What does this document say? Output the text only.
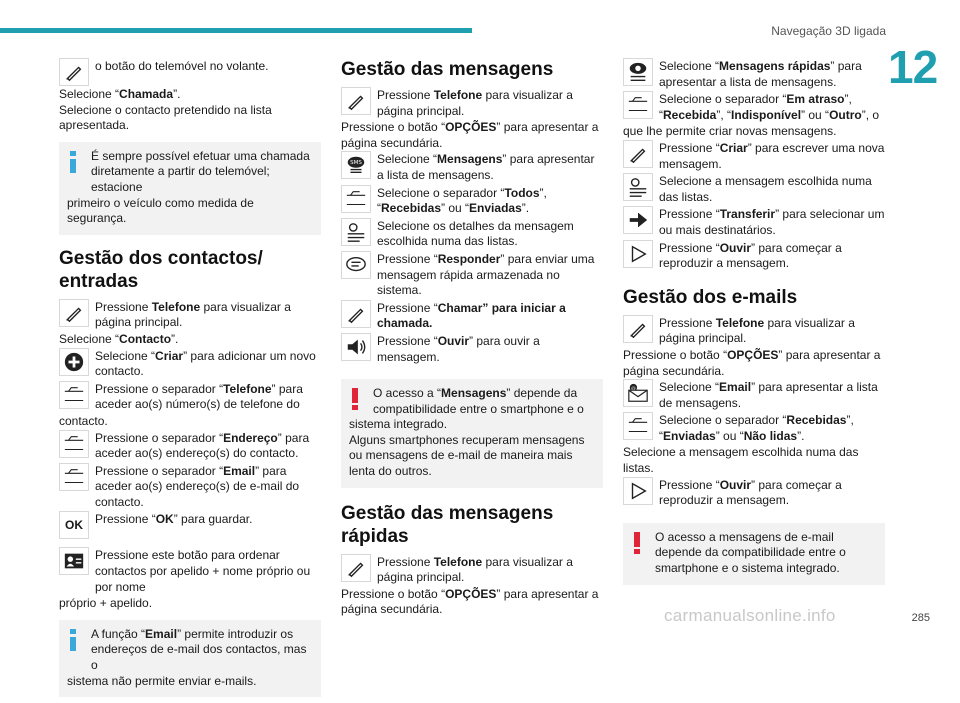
Navegação 3D ligada
12
o botão do telemóvel no volante.

Selecione “Chamada”.

Selecione o contacto pretendido na lista apresentada.

É sempre possível efetuar uma chamada diretamente a partir do telemóvel; estacione
primeiro o veículo como medida de segurança.
Gestão dos contactos/
entradas
Pressione Telefone para visualizar a página principal.

Selecione “Contacto”.

Selecione “Criar” para adicionar um novo contacto.
Pressione o separador “Telefone” para aceder ao(s) número(s) de telefone do

contacto.

Pressione o separador “Endereço” para aceder ao(s) endereço(s) do contacto.
Pressione o separador “Email” para aceder ao(s) endereço(s) de e-mail do contacto.
OK Pressione “OK” para guardar.
Pressione este botão para ordenar contactos por apelido + nome próprio ou por nome

próprio + apelido.

A função “Email” permite introduzir os endereços de e-mail dos contactos, mas o
sistema não permite enviar e-mails.
Gestão das mensagens
Pressione Telefone para visualizar a página principal.

Pressione o botão “OPÇÕES” para apresentar a página secundária.

Selecione “Mensagens” para apresentar a lista de mensagens.
Selecione o separador “Todos”, “Recebidas” ou “Enviadas”.
Selecione os detalhes da mensagem escolhida numa das listas.
Pressione “Responder” para enviar uma mensagem rápida armazenada no sistema.
Pressione “Chamar” para iniciar a chamada.
Pressione “Ouvir” para ouvir a mensagem.
O acesso a “Mensagens” depende da compatibilidade entre o smartphone e o
sistema integrado.
Alguns smartphones recuperam mensagens ou mensagens de e-mail de maneira mais lenta do outros.
Gestão das mensagens
rápidas
Pressione Telefone para visualizar a página principal.

Pressione o botão “OPÇÕES” para apresentar a página secundária.

Selecione “Mensagens rápidas” para apresentar a lista de mensagens.
Selecione o separador “Em atraso”, “Recebida”, “Indisponível” ou “Outro”, o

que lhe permite criar novas mensagens.

Pressione “Criar” para escrever uma nova mensagem.
Selecione a mensagem escolhida numa das listas.
Pressione “Transferir” para selecionar um ou mais destinatários.
Pressione “Ouvir” para começar a reproduzir a mensagem.
Gestão dos e-mails
Pressione Telefone para visualizar a página principal.

Pressione o botão “OPÇÕES” para apresentar a página secundária.

Selecione “Email” para apresentar a lista de mensagens.
Selecione o separador “Recebidas”, “Enviadas” ou “Não lidas”.

Selecione a mensagem escolhida numa das listas.

Pressione “Ouvir” para começar a reproduzir a mensagem.
O acesso a mensagens de e-mail depende da compatibilidade entre o smartphone e o sistema integrado.
carmanualsonline.info	285
